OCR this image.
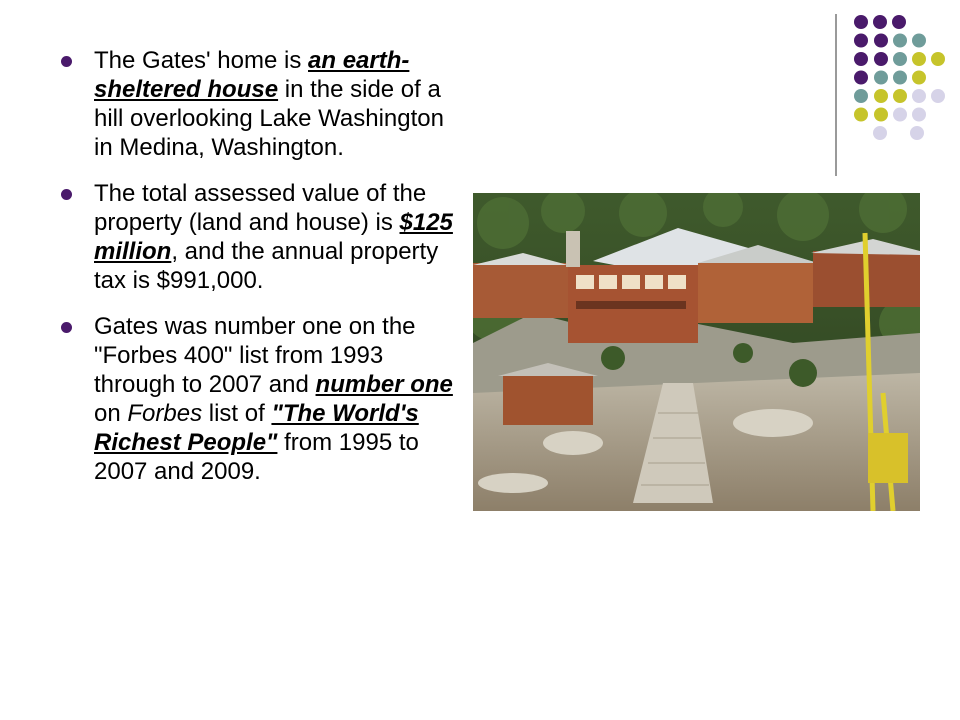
The Gates' home is an earth-sheltered house in the side of a hill overlooking Lake Washington in Medina, Washington.
The total assessed value of the property (land and house) is $125 million, and the annual property tax is $991,000.
Gates was number one on the "Forbes 400" list from 1993 through to 2007 and number one on Forbes list of "The World's Richest People" from 1995 to 2007 and 2009.
